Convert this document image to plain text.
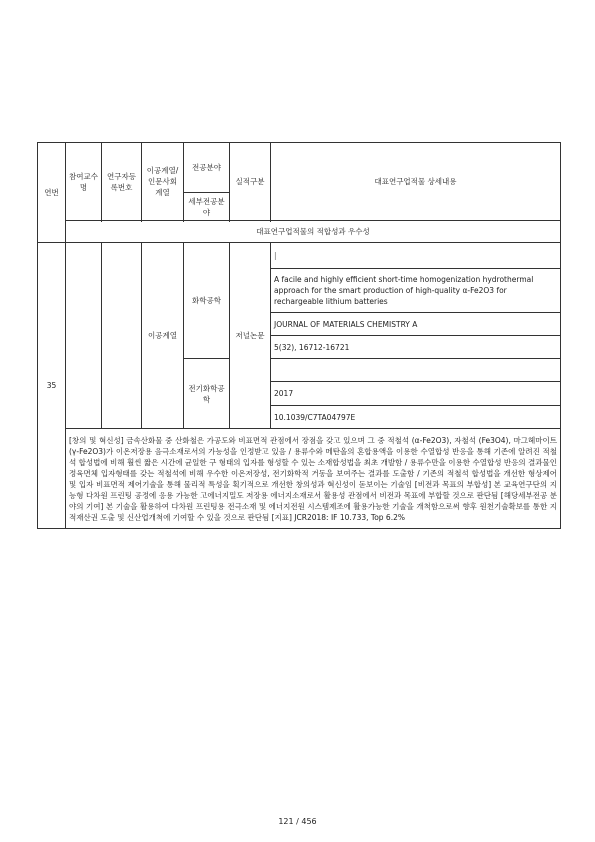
연번	참여교수명	연구자등록번호	이공계열/인문사회계열	전공분야	실적구분	대표연구업적물 상세내용
				세부전공분야		

	대표연구업적물의 적합성과 우수성					
35			이공계열	화학공학	저널논문	|
						A facile and highly efficient short-time homogenization hydrothermal approach for the smart production of high-quality α-Fe2O3 for rechargeable lithium batteries
						JOURNAL OF MATERIALS CHEMISTRY A
						5(32), 16712-16721
				전기화학공학		
						2017
						10.1039/C7TA04797E
	[창의 및 혁신성] 금속산화물 중 산화철은 가공도와 비표면적 관점에서 장점을 갖고 있으며 그 중 적철석 (α-Fe2O3), 자철석 (Fe3O4), 마그헤마이트 (γ-Fe2O3)가 이온저장용 음극소재로서의 가능성을 인정받고 있음 / 용류수와 메탄올의 혼합용액을 이용한 수열합성 반응을 통해 기존에 알려진 적철석 합성법에 비해 훨씬 짧은 시간에 균일한 구 형태의 입자를 형성할 수 있는 소재합성법을 최초 개발함 / 용류수만을 이용한 수열합성 반응의 결과물인 정육면체 입자형태를 갖는 적철석에 비해 우수한 이온저장성, 전기화학적 거동을 보여주는 결과를 도출함 / 기존의 적철석 합성법을 개선한 형상제어 및 입자 비표면적 제어기술을 통해 물리적 특성을 획기적으로 개선한 창의성과 혁신성이 돋보이는 기술임 [비전과 목표의 부합성] 본 교육연구단의 지능형 다차원 프린팅 공정에 응용 가능한 고에너지밀도 저장용 에너지소재로서 활용성 관점에서 비전과 목표에 부합할 것으로 판단됨 [해당세부전공 분야의 기여] 본 기술을 활용하여 다차원 프린팅용 전극소재 및 에너지전원 시스템제조에 활용가능한 기술을 개척함으로써 향후 원천기술확보를 통한 지적재산권 도출 및 신산업개척에 기여할 수 있을 것으로 판단됨 [지표] JCR2018: IF 10.733, Top 6.2%					
121 / 456
